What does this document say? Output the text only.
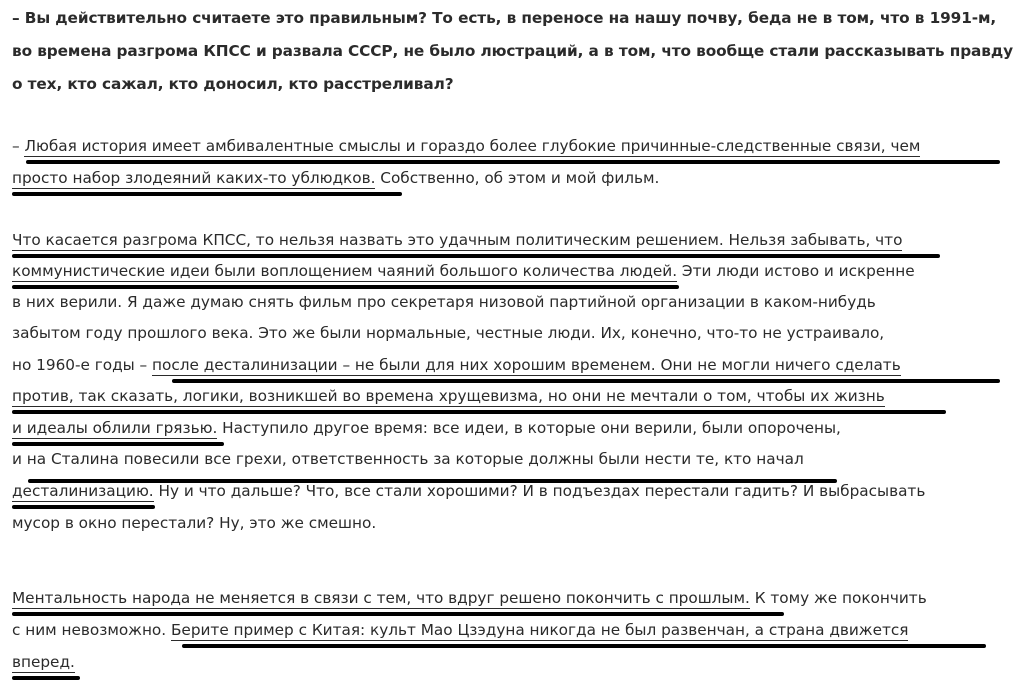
– Вы действительно считаете это правильным? То есть, в переносе на нашу почву, беда не в том, что в 1991-м,
во времена разгрома КПСС и развала СССР, не было люстраций, а в том, что вообще стали рассказывать правду
о тех, кто сажал, кто доносил, кто расстреливал?
– Любая история имеет амбивалентные смыслы и гораздо более глубокие причинные-следственные связи, чем
просто набор злодеяний каких-то ублюдков. Собственно, об этом и мой фильм.
Что касается разгрома КПСС, то нельзя назвать это удачным политическим решением. Нельзя забывать, что
коммунистические идеи были воплощением чаяний большого количества людей. Эти люди истово и искренне
в них верили. Я даже думаю снять фильм про секретаря низовой партийной организации в каком-нибудь
забытом году прошлого века. Это же были нормальные, честные люди. Их, конечно, что-то не устраивало,
но 1960-е годы – после десталинизации – не были для них хорошим временем. Они не могли ничего сделать
против, так сказать, логики, возникшей во времена хрущевизма, но они не мечтали о том, чтобы их жизнь
и идеалы облили грязью. Наступило другое время: все идеи, в которые они верили, были опорочены,
и на Сталина повесили все грехи, ответственность за которые должны были нести те, кто начал
десталинизацию. Ну и что дальше? Что, все стали хорошими? И в подъездах перестали гадить? И выбрасывать
мусор в окно перестали? Ну, это же смешно.
Ментальность народа не меняется в связи с тем, что вдруг решено покончить с прошлым. К тому же покончить
с ним невозможно. Берите пример с Китая: культ Мао Цзэдуна никогда не был развенчан, а страна движется
вперед.
